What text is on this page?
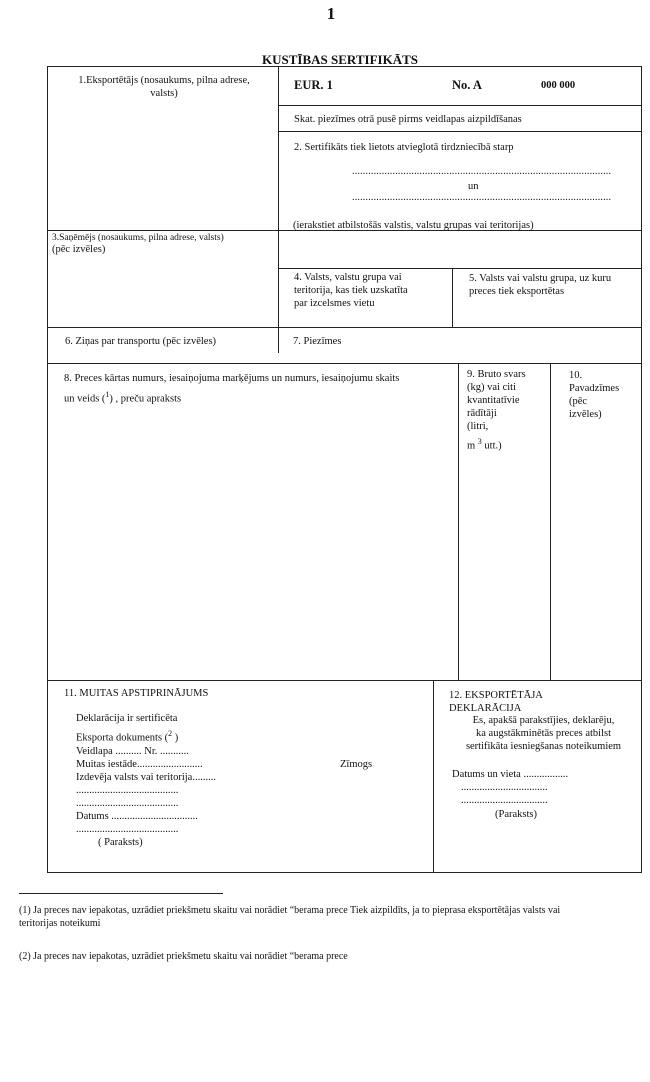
1
KUSTĪBAS SERTIFIKĀTS
1.Eksportētājs (nosaukums, pilna adrese,
valsts)
EUR. 1	No. A	000 000
Skat. piezīmes otrā pusē pirms veidlapas aizpildīšanas
2. Sertifikāts tiek lietots atvieglotā tirdzniecībā starp
................................................................................................
un
................................................................................................
(ierakstiet atbilstošās valstis, valstu grupas vai teritorijas)
3.Saņēmējs (nosaukums, pilna adrese, valsts)
(pēc izvēles)
4. Valsts, valstu grupa vai
teritorija, kas tiek uzskatīta
par izcelsmes vietu
5. Valsts vai valstu grupa, uz kuru
preces tiek eksportētas
6. Ziņas par transportu (pēc izvēles)	7. Piezīmes
8. Preces kārtas numurs, iesaiņojuma marķējums un numurs, iesaiņojumu skaits
un veids ($^1$) , preču apraksts
9. Bruto svars
(kg) vai citi
kvantitatīvie
rādītāji
(litri,
m $^3$ utt.)
10.
Pavadzīmes
(pēc
izvēles)
11. MUITAS APSTIPRINĀJUMS
Deklarācija ir sertificēta
Eksporta dokuments ($^2$ )
Veidlapa .......... Nr. ...........
Muitas iestāde.........................
Izdevēja valsts vai teritorija.........
.......................................
.......................................
Datums .................................
.......................................
( Paraksts)
Zīmogs
12. EKSPORTĒTĀJA
DEKLARĀCIJA
Es, apakšā parakstījies, deklarēju,
ka augstākminētās preces atbilst
sertifikāta iesniegšanas noteikumiem
Datums un vieta .................
.................................
.................................
(Paraksts)
(1) Ja preces nav iepakotas, uzrādiet priekšmetu skaitu vai norādiet “berama prece Tiek aizpildīts, ja to pieprasa eksportētājas valsts vai
teritorijas noteikumi
(2) Ja preces nav iepakotas, uzrādiet priekšmetu skaitu vai norādiet “berama prece
